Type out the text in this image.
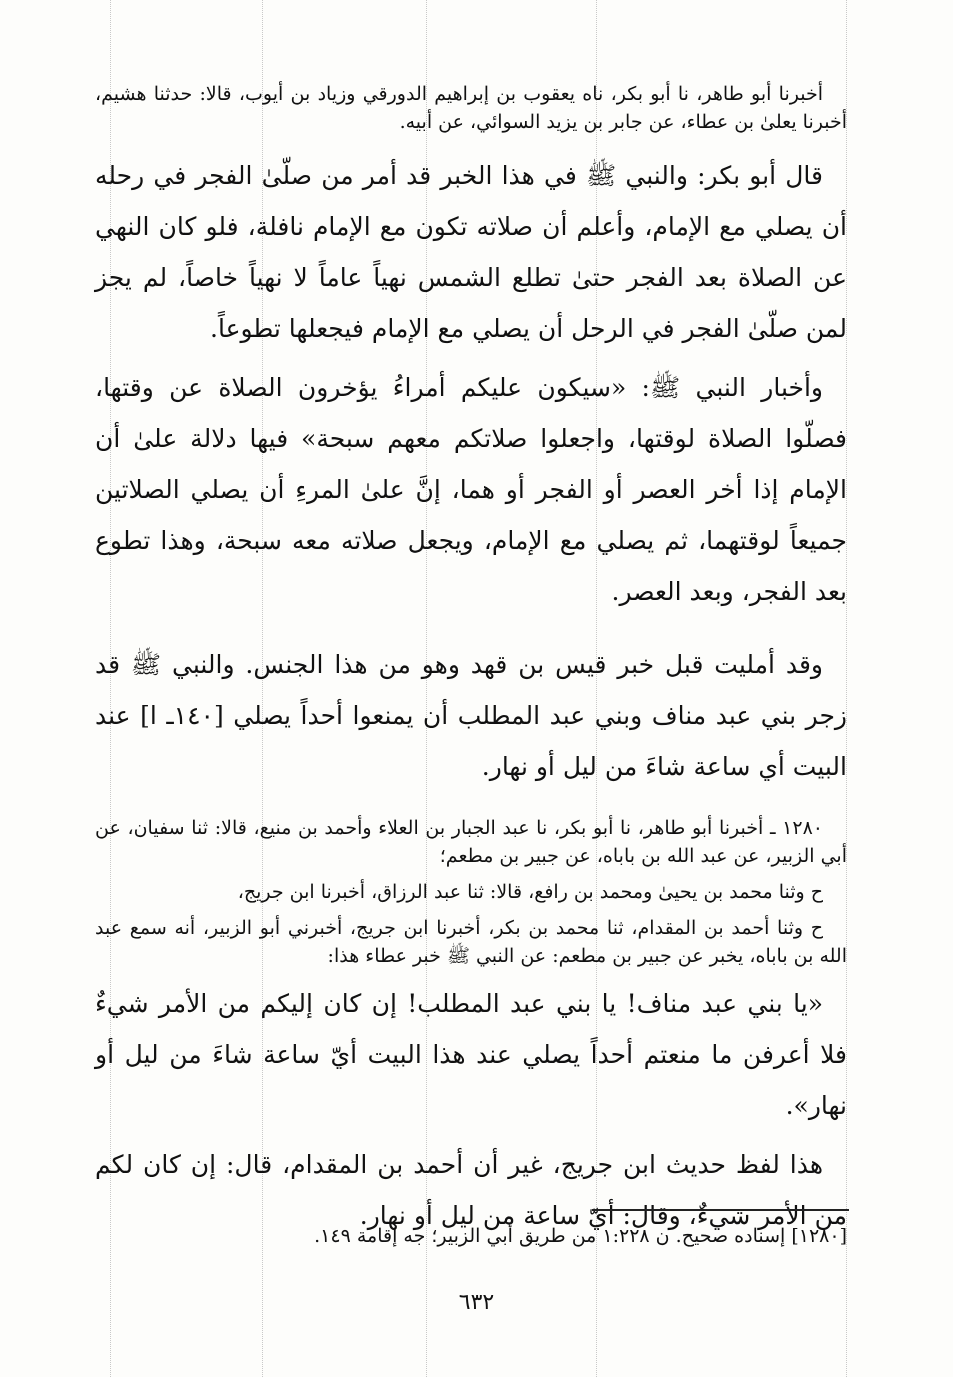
أخبرنا أبو طاهر، نا أبو بكر، ناه يعقوب بن إبراهيم الدورقي وزياد بن أيوب، قالا: حدثنا هشيم، أخبرنا يعلىٰ بن عطاء، عن جابر بن يزيد السوائي، عن أبيه.

قال أبو بكر: والنبي ﷺ في هذا الخبر قد أمر من صلّىٰ الفجر في رحله أن يصلي مع الإمام، وأعلم أن صلاته تكون مع الإمام نافلة، فلو كان النهي عن الصلاة بعد الفجر حتىٰ تطلع الشمس نهياً عاماً لا نهياً خاصاً، لم يجز لمن صلّىٰ الفجر في الرحل أن يصلي مع الإمام فيجعلها تطوعاً.

وأخبار النبي ﷺ: «سيكون عليكم أمراءُ يؤخرون الصلاة عن وقتها، فصلّوا الصلاة لوقتها، واجعلوا صلاتكم معهم سبحة» فيها دلالة علىٰ أن الإمام إذا أخر العصر أو الفجر أو هما، إنَّ علىٰ المرءِ أن يصلي الصلاتين جميعاً لوقتهما، ثم يصلي مع الإمام، ويجعل صلاته معه سبحة، وهذا تطوع بعد الفجر، وبعد العصر.

وقد أمليت قبل خبر قيس بن قهد وهو من هذا الجنس. والنبي ﷺ قد زجر بني عبد مناف وبني عبد المطلب أن يمنعوا أحداً يصلي [١٤٠ـ ا] عند البيت أي ساعة شاءَ من ليل أو نهار.

١٢٨٠ ـ أخبرنا أبو طاهر، نا أبو بكر، نا عبد الجبار بن العلاء وأحمد بن منيع، قالا: ثنا سفيان، عن أبي الزبير، عن عبد الله بن باباه، عن جبير بن مطعم؛

ح وثنا محمد بن يحيىٰ ومحمد بن رافع، قالا: ثنا عبد الرزاق، أخبرنا ابن جريج،

ح وثنا أحمد بن المقدام، ثنا محمد بن بكر، أخبرنا ابن جريج، أخبرني أبو الزبير، أنه سمع عبد الله بن باباه، يخبر عن جبير بن مطعم: عن النبي ﷺ خبر عطاء هذا:

«يا بني عبد مناف! يا بني عبد المطلب! إن كان إليكم من الأمر شيءٌ فلا أعرفن ما منعتم أحداً يصلي عند هذا البيت أيّ ساعة شاءَ من ليل أو نهار».

هذا لفظ حديث ابن جريج، غير أن أحمد بن المقدام، قال: إن كان لكم من الأمر شيءٌ، وقال: أيّ ساعة من ليل أو نهار.

[١٢٨٠] إسناده صحيح. ن ١:٢٢٨ من طريق أبي الزبير؛ جه إقامة ١٤٩.
٦٣٢
